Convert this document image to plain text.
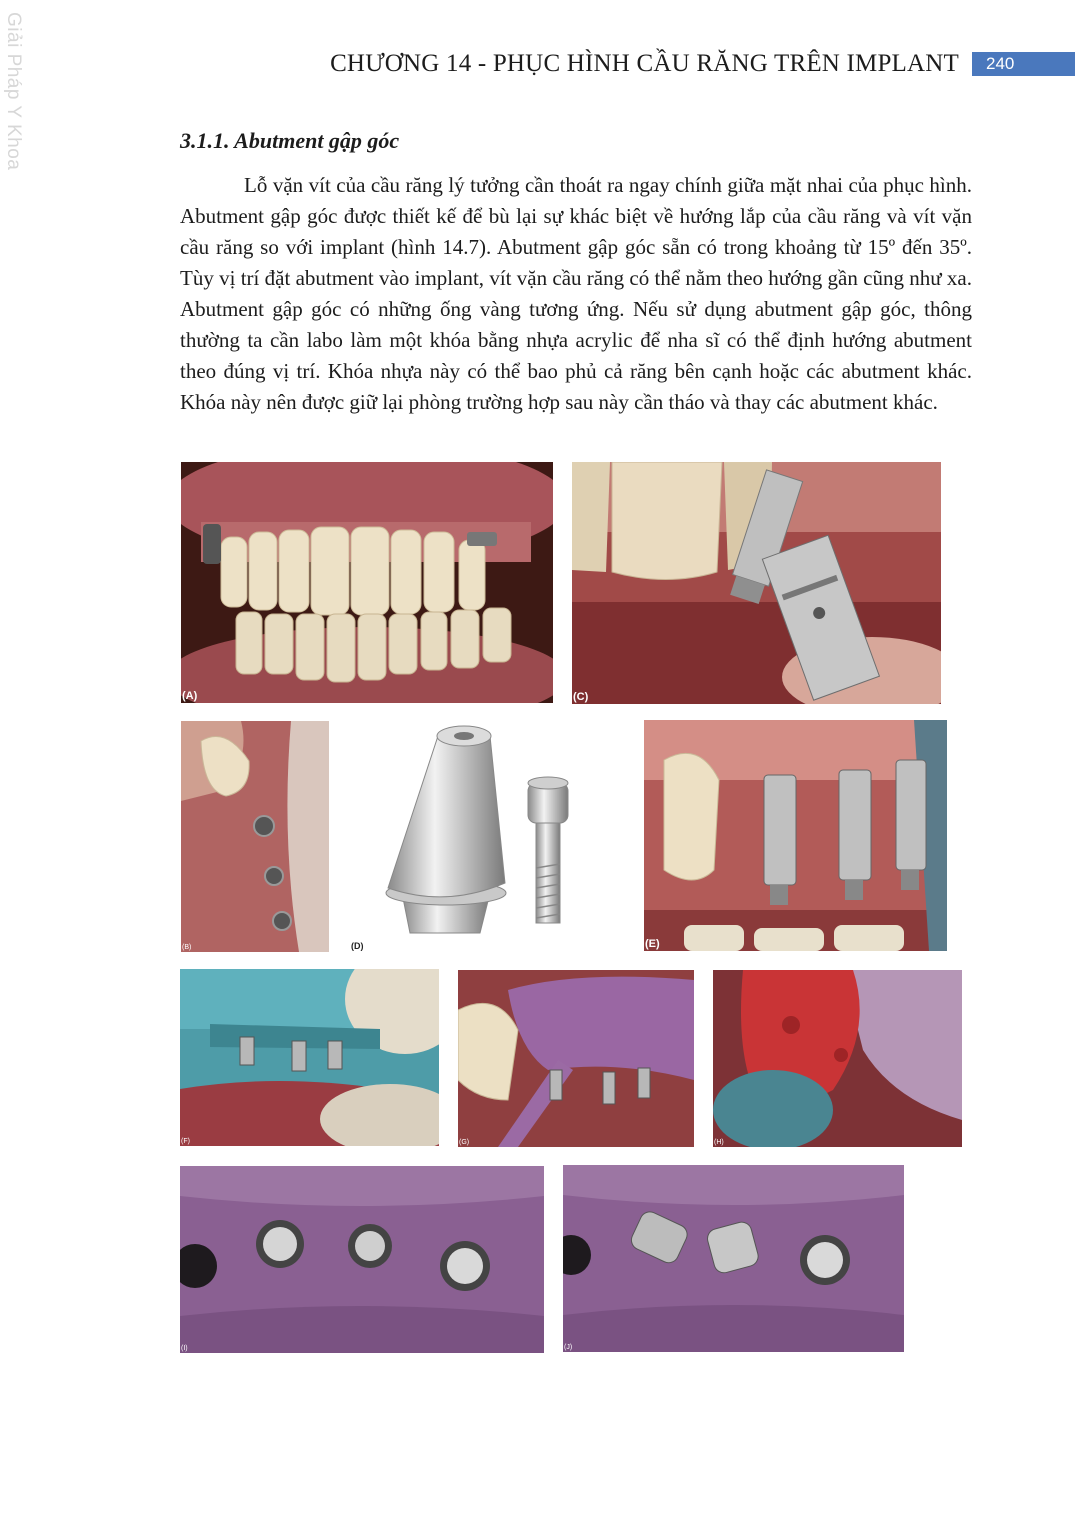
Giải Pháp Y Khoa	CHƯƠNG 14 - PHỤC HÌNH CẦU RĂNG TRÊN IMPLANT	240
3.1.1. Abutment gập góc

Lỗ vặn vít của cầu răng lý tưởng cần thoát ra ngay chính giữa mặt nhai của phục hình. Abutment gập góc được thiết kế để bù lại sự khác biệt về hướng lắp của cầu răng và vít vặn cầu răng so với implant (hình 14.7). Abutment gập góc sẵn có trong khoảng từ 15º đến 35º. Tùy vị trí đặt abutment vào implant, vít vặn cầu răng có thể nằm theo hướng gần cũng như xa. Abutment gập góc có những ống vàng tương ứng. Nếu sử dụng abutment gập góc, thông thường ta cần labo làm một khóa bằng nhựa acrylic để nha sĩ có thể định hướng abutment theo đúng vị trí. Khóa nhựa này có thể bao phủ cả răng bên cạnh hoặc các abutment khác. Khóa này nên được giữ lại phòng trường hợp sau này cần tháo và thay các abutment khác.

(A)	(C)
(B)	(D)	(E)
(F)	(G)	(H)
(I)	(J)
